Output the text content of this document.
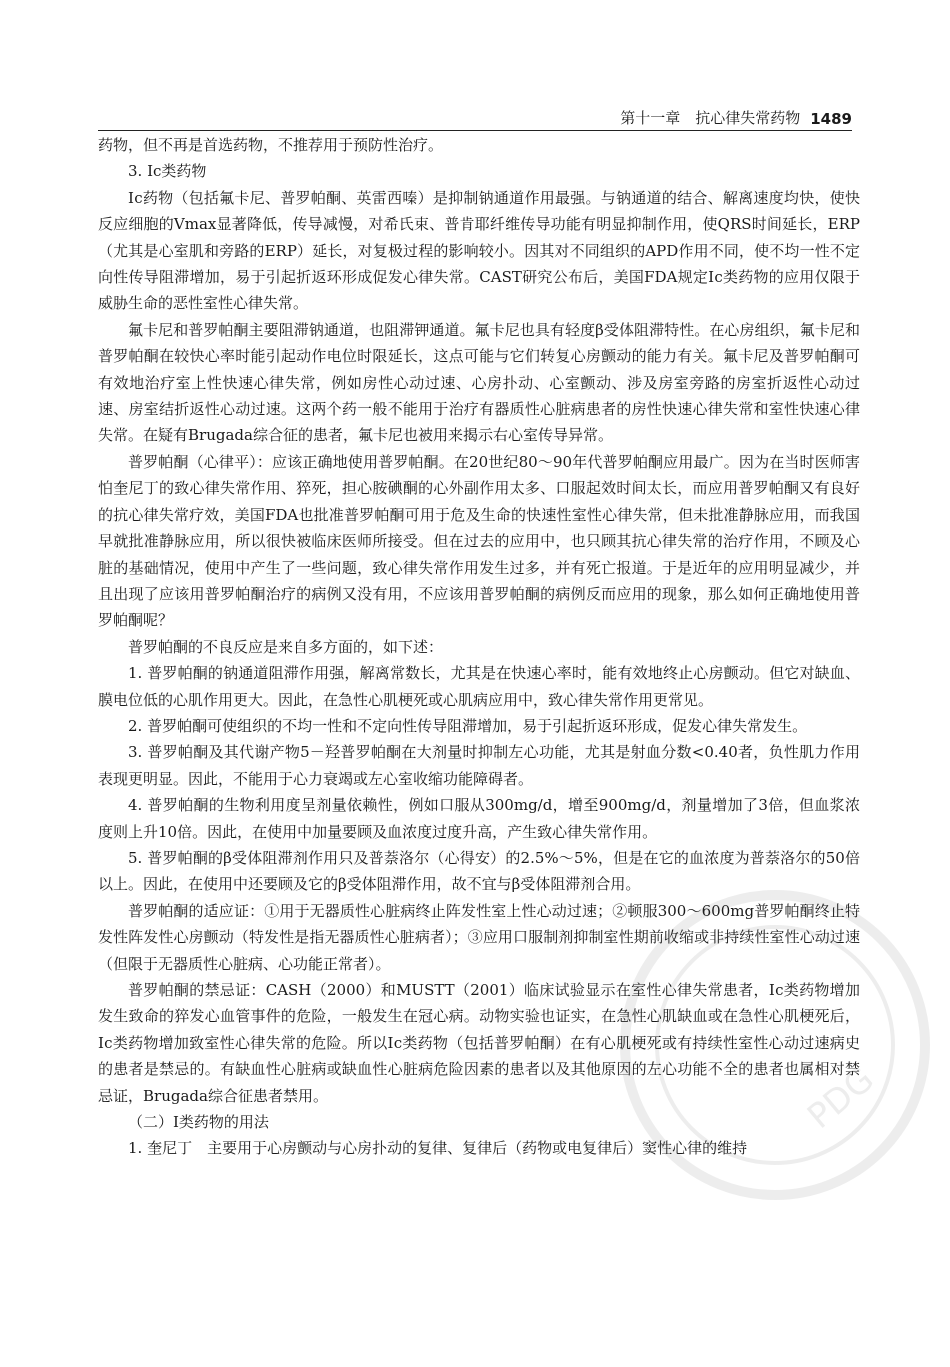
第十一章　抗心律失常药物 1489

药物，但不再是首选药物，不推荐用于预防性治疗。

3. Ⅰc类药物

Ⅰc药物（包括氟卡尼、普罗帕酮、英雷西嗪）是抑制钠通道作用最强。与钠通道的结合、解离速度均快，使快反应细胞的Vmax显著降低，传导减慢，对希氏束、普肯耶纤维传导功能有明显抑制作用，使QRS时间延长，ERP（尤其是心室肌和旁路的ERP）延长，对复极过程的影响较小。因其对不同组织的APD作用不同，使不均一性不定向性传导阻滞增加，易于引起折返环形成促发心律失常。CAST研究公布后，美国FDA规定Ⅰc类药物的应用仅限于威胁生命的恶性室性心律失常。

氟卡尼和普罗帕酮主要阻滞钠通道，也阻滞钾通道。氟卡尼也具有轻度β受体阻滞特性。在心房组织，氟卡尼和普罗帕酮在较快心率时能引起动作电位时限延长，这点可能与它们转复心房颤动的能力有关。氟卡尼及普罗帕酮可有效地治疗室上性快速心律失常，例如房性心动过速、心房扑动、心室颤动、涉及房室旁路的房室折返性心动过速、房室结折返性心动过速。这两个药一般不能用于治疗有器质性心脏病患者的房性快速心律失常和室性快速心律失常。在疑有Brugada综合征的患者，氟卡尼也被用来揭示右心室传导异常。

普罗帕酮（心律平）：应该正确地使用普罗帕酮。在20世纪80～90年代普罗帕酮应用最广。因为在当时医师害怕奎尼丁的致心律失常作用、猝死，担心胺碘酮的心外副作用太多、口服起效时间太长，而应用普罗帕酮又有良好的抗心律失常疗效，美国FDA也批准普罗帕酮可用于危及生命的快速性室性心律失常，但未批准静脉应用，而我国早就批准静脉应用，所以很快被临床医师所接受。但在过去的应用中，也只顾其抗心律失常的治疗作用，不顾及心脏的基础情况，使用中产生了一些问题，致心律失常作用发生过多，并有死亡报道。于是近年的应用明显减少，并且出现了应该用普罗帕酮治疗的病例又没有用，不应该用普罗帕酮的病例反而应用的现象，那么如何正确地使用普罗帕酮呢？

普罗帕酮的不良反应是来自多方面的，如下述：

1. 普罗帕酮的钠通道阻滞作用强，解离常数长，尤其是在快速心率时，能有效地终止心房颤动。但它对缺血、膜电位低的心肌作用更大。因此，在急性心肌梗死或心肌病应用中，致心律失常作用更常见。

2. 普罗帕酮可使组织的不均一性和不定向性传导阻滞增加，易于引起折返环形成，促发心律失常发生。

3. 普罗帕酮及其代谢产物5－羟普罗帕酮在大剂量时抑制左心功能，尤其是射血分数<0.40者，负性肌力作用表现更明显。因此，不能用于心力衰竭或左心室收缩功能障碍者。

4. 普罗帕酮的生物利用度呈剂量依赖性，例如口服从300mg/d，增至900mg/d，剂量增加了3倍，但血浆浓度则上升10倍。因此，在使用中加量要顾及血浓度过度升高，产生致心律失常作用。

5. 普罗帕酮的β受体阻滞剂作用只及普萘洛尔（心得安）的2.5%～5%，但是在它的血浓度为普萘洛尔的50倍以上。因此，在使用中还要顾及它的β受体阻滞作用，故不宜与β受体阻滞剂合用。

普罗帕酮的适应证：①用于无器质性心脏病终止阵发性室上性心动过速；②顿服300～600mg普罗帕酮终止特发性阵发性心房颤动（特发性是指无器质性心脏病者）；③应用口服制剂抑制室性期前收缩或非持续性室性心动过速（但限于无器质性心脏病、心功能正常者）。

普罗帕酮的禁忌证：CASH（2000）和MUSTT（2001）临床试验显示在室性心律失常患者，Ⅰc类药物增加发生致命的猝发心血管事件的危险，一般发生在冠心病。动物实验也证实，在急性心肌缺血或在急性心肌梗死后，Ⅰc类药物增加致室性心律失常的危险。所以Ⅰc类药物（包括普罗帕酮）在有心肌梗死或有持续性室性心动过速病史的患者是禁忌的。有缺血性心脏病或缺血性心脏病危险因素的患者以及其他原因的左心功能不全的患者也属相对禁忌证，Brugada综合征患者禁用。

（二）Ⅰ类药物的用法

1. 奎尼丁　主要用于心房颤动与心房扑动的复律、复律后（药物或电复律后）窦性心律的维持

PDG
